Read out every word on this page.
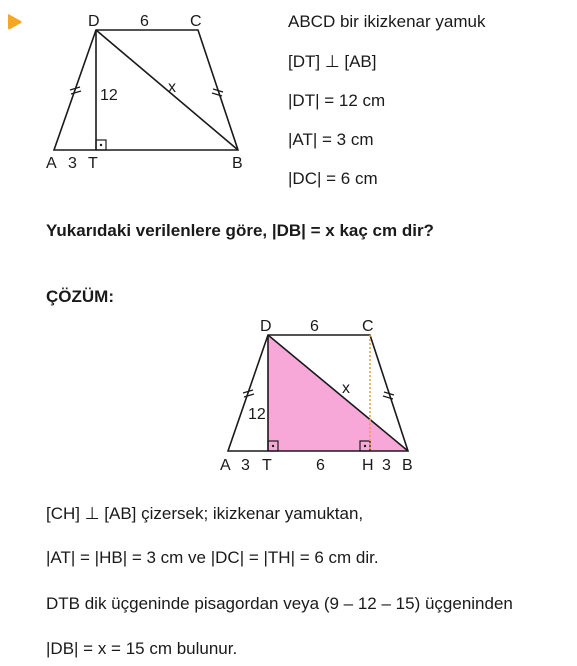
D	C
6
12	x
A 3 T	B
ABCD bir ikizkenar yamuk
[DT] ⊥ [AB]
|DT| = 12 cm
|AT| = 3 cm
|DC| = 6 cm
Yukarıdaki verilenlere göre, |DB| = x kaç cm dir?
ÇÖZÜM:
D	C
6
12
x
A 3 T	6 H 3 B
[CH] ⊥ [AB] çizersek; ikizkenar yamuktan,
|AT| = |HB| = 3 cm ve |DC| = |TH| = 6 cm dir.
DTB dik üçgeninde pisagordan veya (9 – 12 – 15) üçgeninden
|DB| = x = 15 cm bulunur.
